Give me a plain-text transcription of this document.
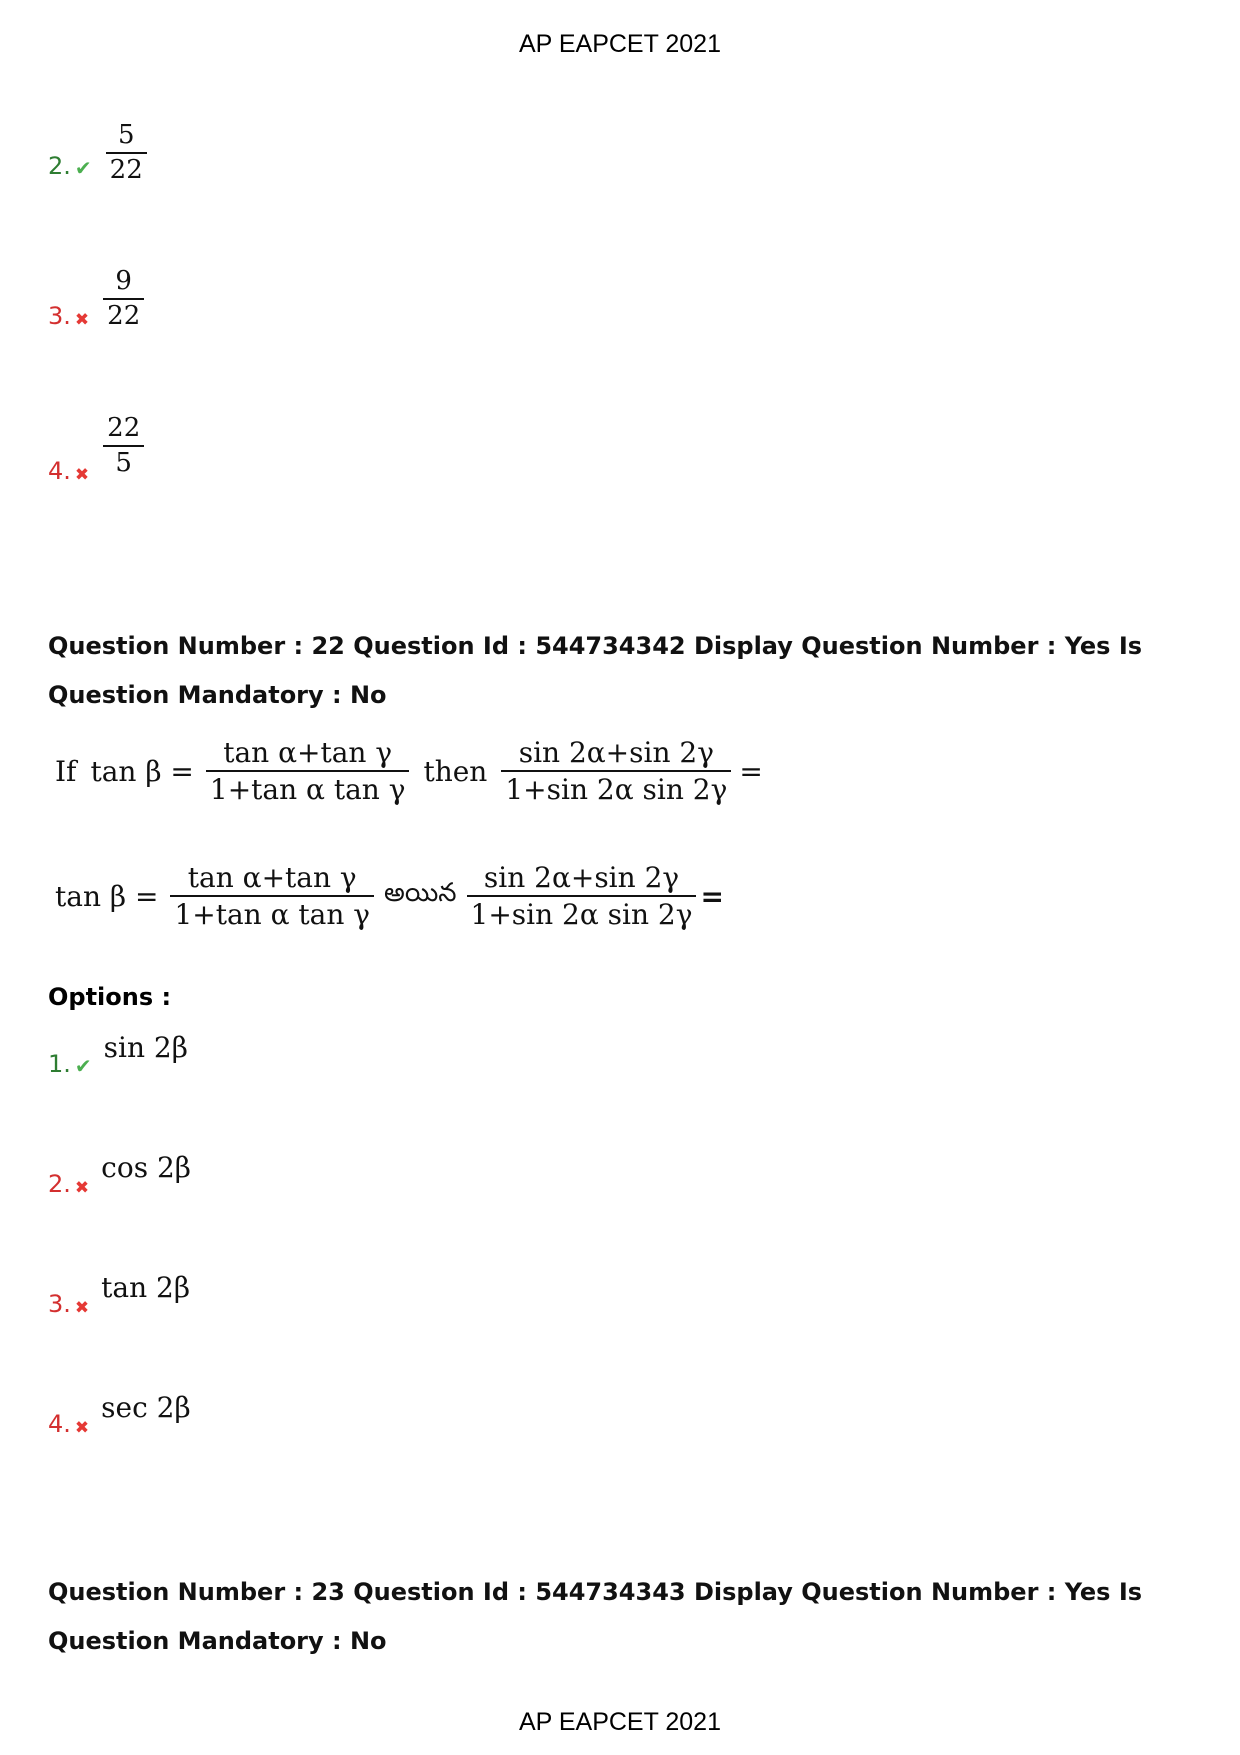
AP EAPCET 2021
2. ✔ $\frac{5}{22}$
3. ✖ $\frac{9}{22}$
4. ✖ $\frac{22}{5}$
Question Number : 22 Question Id : 544734342 Display Question Number : Yes Is Question Mandatory : No
If $\tan \beta = \frac{\text{tan α+tan γ}}{\text{1+tan α tan γ}}$ then $\frac{\sin 2\alpha+\sin 2\gamma}{\text{1+sin 2α sin 2γ}}$ =
$\tan \beta = \frac{\text{tan α+tan γ}}{\text{1+tan α tan γ}}$ అయిన $\frac{\sin 2\alpha+\sin 2\gamma}{\text{1+sin 2α sin 2γ}}$ =
Options :
1. ✔
sin 2β
2. ✖
cos 2β
3. ✖
tan 2β
4. ✖
sec 2β
Question Number : 23 Question Id : 544734343 Display Question Number : Yes Is Question Mandatory : No
AP EAPCET 2021
